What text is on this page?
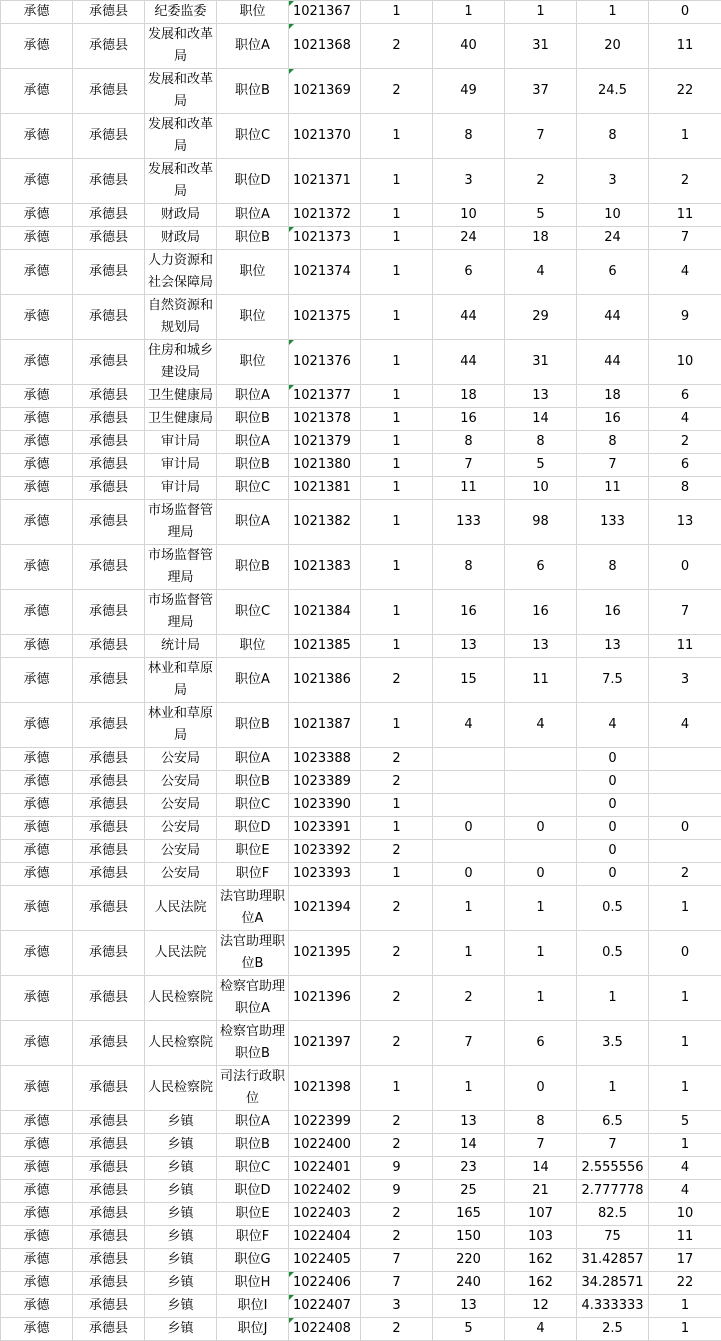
承德	承德县	纪委监委	职位	1021367	1	1	1	1	0
承德	承德县	发展和改革局	职位A	1021368	2	40	31	20	11
承德	承德县	发展和改革局	职位B	1021369	2	49	37	24.5	22
承德	承德县	发展和改革局	职位C	1021370	1	8	7	8	1
承德	承德县	发展和改革局	职位D	1021371	1	3	2	3	2
承德	承德县	财政局	职位A	1021372	1	10	5	10	11
承德	承德县	财政局	职位B	1021373	1	24	18	24	7
承德	承德县	人力资源和社会保障局	职位	1021374	1	6	4	6	4
承德	承德县	自然资源和规划局	职位	1021375	1	44	29	44	9
承德	承德县	住房和城乡建设局	职位	1021376	1	44	31	44	10
承德	承德县	卫生健康局	职位A	1021377	1	18	13	18	6
承德	承德县	卫生健康局	职位B	1021378	1	16	14	16	4
承德	承德县	审计局	职位A	1021379	1	8	8	8	2
承德	承德县	审计局	职位B	1021380	1	7	5	7	6
承德	承德县	审计局	职位C	1021381	1	11	10	11	8
承德	承德县	市场监督管理局	职位A	1021382	1	133	98	133	13
承德	承德县	市场监督管理局	职位B	1021383	1	8	6	8	0
承德	承德县	市场监督管理局	职位C	1021384	1	16	16	16	7
承德	承德县	统计局	职位	1021385	1	13	13	13	11
承德	承德县	林业和草原局	职位A	1021386	2	15	11	7.5	3
承德	承德县	林业和草原局	职位B	1021387	1	4	4	4	4
承德	承德县	公安局	职位A	1023388	2			0	
承德	承德县	公安局	职位B	1023389	2			0	
承德	承德县	公安局	职位C	1023390	1			0	
承德	承德县	公安局	职位D	1023391	1	0	0	0	0
承德	承德县	公安局	职位E	1023392	2			0	
承德	承德县	公安局	职位F	1023393	1	0	0	0	2
承德	承德县	人民法院	法官助理职位A	1021394	2	1	1	0.5	1
承德	承德县	人民法院	法官助理职位B	1021395	2	1	1	0.5	0
承德	承德县	人民检察院	检察官助理职位A	1021396	2	2	1	1	1
承德	承德县	人民检察院	检察官助理职位B	1021397	2	7	6	3.5	1
承德	承德县	人民检察院	司法行政职位	1021398	1	1	0	1	1
承德	承德县	乡镇	职位A	1022399	2	13	8	6.5	5
承德	承德县	乡镇	职位B	1022400	2	14	7	7	1
承德	承德县	乡镇	职位C	1022401	9	23	14	2.555556	4
承德	承德县	乡镇	职位D	1022402	9	25	21	2.777778	4
承德	承德县	乡镇	职位E	1022403	2	165	107	82.5	10
承德	承德县	乡镇	职位F	1022404	2	150	103	75	11
承德	承德县	乡镇	职位G	1022405	7	220	162	31.42857	17
承德	承德县	乡镇	职位H	1022406	7	240	162	34.28571	22
承德	承德县	乡镇	职位I	1022407	3	13	12	4.333333	1
承德	承德县	乡镇	职位J	1022408	2	5	4	2.5	1
